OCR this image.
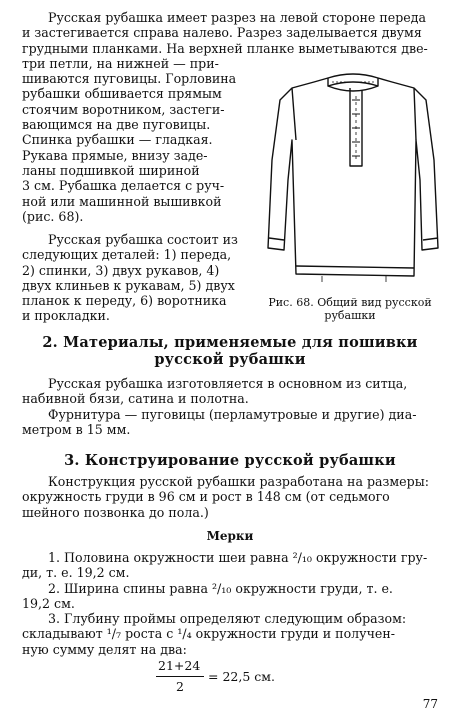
Русская рубашка имеет разрез на левой стороне переда
и застегивается справа налево. Разрез заделывается двумя
грудными планками. На верхней планке выметываются две-
три петли, на нижней — при-
шиваются пуговицы. Горловина
рубашки обшивается прямым
стоячим воротником, застеги-
вающимся на две пуговицы.
Спинка рубашки — гладкая.
Рукава прямые, внизу заде-
ланы подшивкой шириной
3 см. Рубашка делается с руч-
ной или машинной вышивкой
(рис. 68).
Русская рубашка состоит из
следующих деталей: 1) переда,
2) спинки, 3) двух рукавов, 4)
двух клиньев к рукавам, 5) двух
планок к переду, 6) воротника
и прокладки.
Рис. 68. Общий вид русской
рубашки
2. Материалы, применяемые для пошивки
русской рубашки
Русская рубашка изготовляется в основном из ситца,
набивной бязи, сатина и полотна.
Фурнитура — пуговицы (перламутровые и другие) диа-
метром в 15 мм.
3. Конструирование русской рубашки
Конструкция русской рубашки разработана на размеры:
окружность груди в 96 см и рост в 148 см (от седьмого
шейного позвонка до пола.)
Мерки
1. Половина окружности шеи равна ²/₁₀ окружности гру-
ди, т. е. 19,2 см.
2. Ширина спины равна ²/₁₀ окружности груди, т. е.
19,2 см.
3. Глубину проймы определяют следующим образом:
складывают ¹/₇ роста с ¹/₄ окружности груди и получен-
ную сумму делят на два:
21+24
2
= 22,5 см.
77
